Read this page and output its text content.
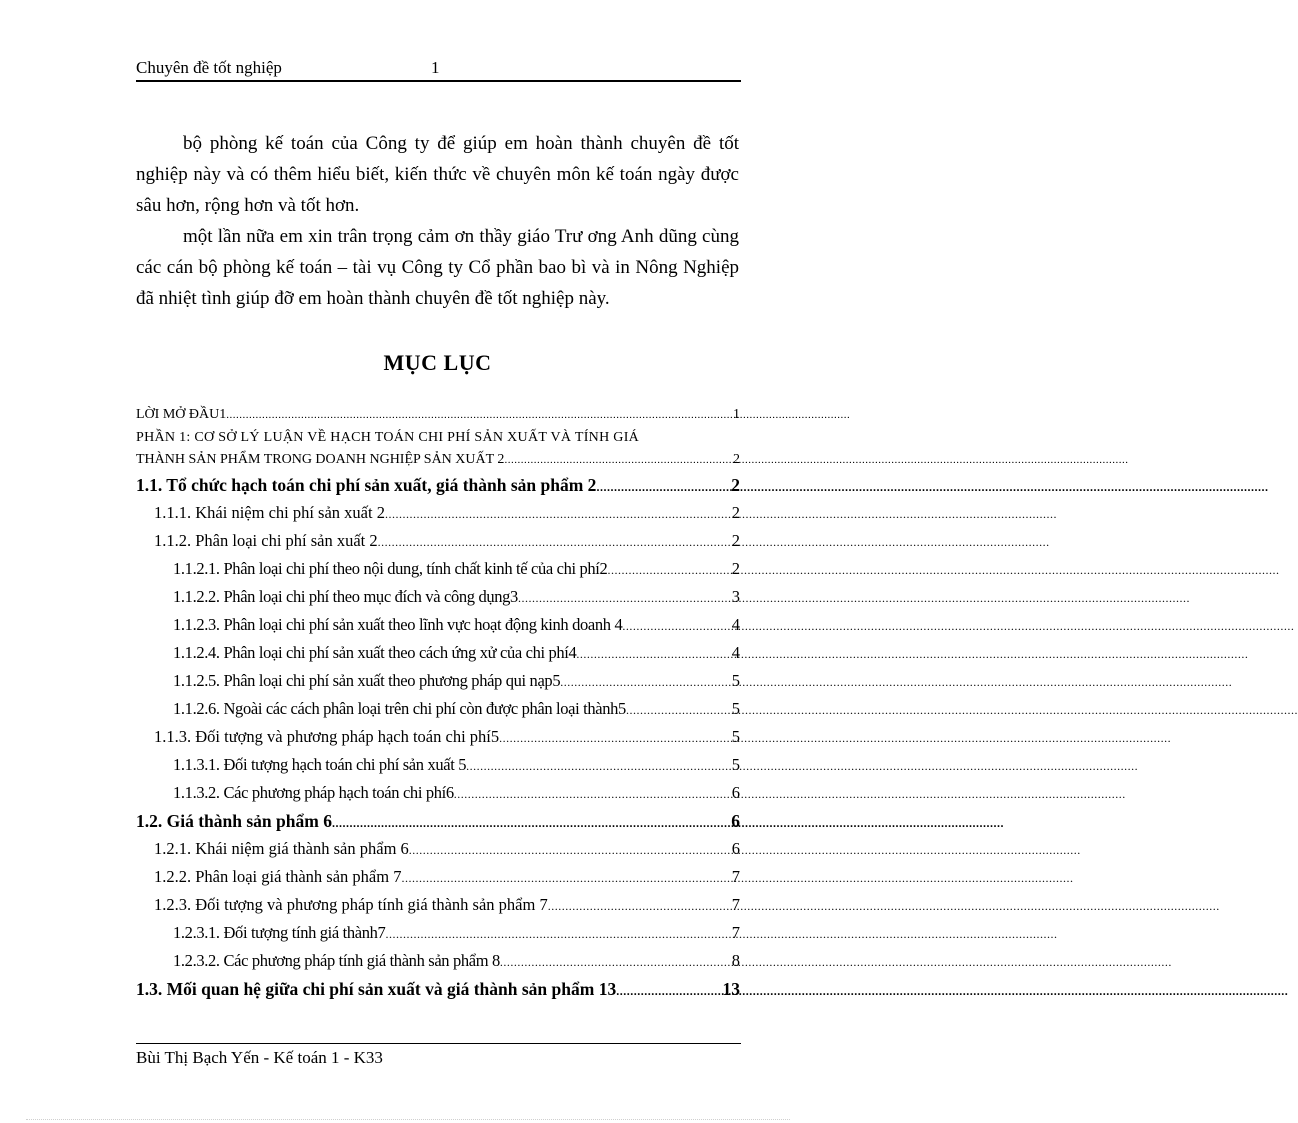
Chuyên đề tốt nghiệp	1

bộ phòng kế toán của Công ty để giúp em hoàn thành chuyên đề tốt nghiệp này và có thêm hiểu biết, kiến thức về chuyên môn kế toán ngày được sâu hơn, rộng hơn và tốt hơn.

một lần nữa em xin trân trọng cảm ơn thầy giáo Trư ơng Anh dũng cùng các cán bộ phòng kế toán – tài vụ Công ty Cổ phần bao bì và in Nông Nghiệp đã nhiệt tình giúp đỡ em hoàn thành chuyên đề tốt nghiệp này.

MỤC LỤC
LỜI MỞ ĐẦU1 .....	1
PHẦN 1: CƠ SỞ LÝ LUẬN VỀ HẠCH TOÁN CHI PHÍ SẢN XUẤT VÀ TÍNH GIÁ
THÀNH SẢN PHẨM TRONG DOANH NGHIỆP SẢN XUẤT 2 .....	2
1.1. Tổ chức hạch toán chi phí sản xuất, giá thành sản phẩm 2 .....	2
1.1.1. Khái niệm chi phí sản xuất 2 .....	2
1.1.2. Phân loại chi phí sản xuất 2 .....	2
1.1.2.1. Phân loại chi phí theo nội dung, tính chất kinh tế của chi phí2 .....	2
1.1.2.2. Phân loại chi phí theo mục đích và công dụng3 .....	3
1.1.2.3. Phân loại chi phí sản xuất theo lĩnh vực hoạt động kinh doanh 4 .....	4
1.1.2.4. Phân loại chi phí sản xuất theo cách ứng xử của chi phí4 .....	4
1.1.2.5. Phân loại chi phí sản xuất theo phương pháp qui nạp5 .....	5
1.1.2.6. Ngoài các cách phân loại trên chi phí còn được phân loại thành5 .....	5
1.1.3. Đối tượng và phương pháp hạch toán chi phí5 .....	5
1.1.3.1. Đối tượng hạch toán chi phí sản xuất 5 .....	5
1.1.3.2. Các phương pháp hạch toán chi phí6 .....	6
1.2. Giá thành sản phẩm 6 .....	6
1.2.1. Khái niệm giá thành sản phẩm 6 .....	6
1.2.2. Phân loại giá thành sản phẩm 7 .....	7
1.2.3. Đối tượng và phương pháp tính giá thành sản phẩm 7 .....	7
1.2.3.1. Đối tượng tính giá thành7 .....	7
1.2.3.2. Các phương pháp tính giá thành sản phẩm 8 .....	8
1.3. Mối quan hệ giữa chi phí sản xuất và giá thành sản phẩm 13 .....	13
Bùi Thị Bạch Yến - Kế toán 1 - K33
